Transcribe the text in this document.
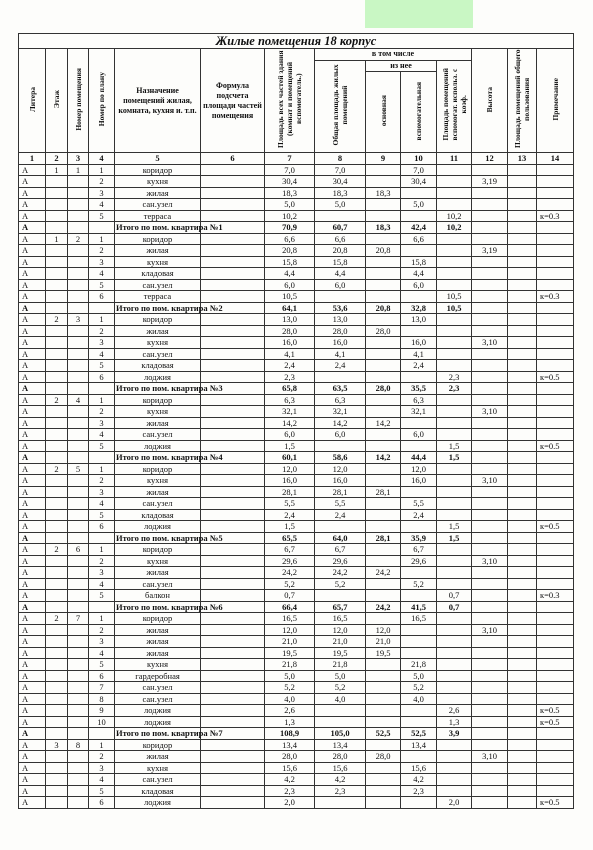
Жилые помещения 18 корпус													
Литера	Этаж	Номер помещения	Номер по плану	Назначение помещений жилая, комната, кухня и. т.п.	Формула подсчета площади частей помещения	Площадь всех частей здания (комнат и помещений вспомогатель.)	в том числе				Высота	Площадь помещений общего пользования	Примечание
							Общая площадь жилых помещений	из нее		Площадь помещений вспомогат. использ. с коэф.			
								основная	вспомогательная				
1	2	3	4	5	6	7	8	9	10	11	12	13	14
А	1	1	1	коридор		7,0	7,0		7,0				
А			2	кухня		30,4	30,4		30,4		3,19		
А			3	жилая		18,3	18,3	18,3					
А			4	сан.узел		5,0	5,0		5,0				
А			5	терраса		10,2				10,2			к=0.3
А				Итого по пом. квартира №1		70,9	60,7	18,3	42,4	10,2			
А	1	2	1	коридор		6,6	6,6		6,6				
А			2	жилая		20,8	20,8	20,8			3,19		
А			3	кухня		15,8	15,8		15,8				
А			4	кладовая		4,4	4,4		4,4				
А			5	сан.узел		6,0	6,0		6,0				
А			6	терраса		10,5				10,5			к=0.3
А				Итого по пом. квартира №2		64,1	53,6	20,8	32,8	10,5			
А	2	3	1	коридор		13,0	13,0		13,0				
А			2	жилая		28,0	28,0	28,0					
А			3	кухня		16,0	16,0		16,0		3,10		
А			4	сан.узел		4,1	4,1		4,1				
А			5	кладовая		2,4	2,4		2,4				
А			6	лоджия		2,3				2,3			к=0.5
А				Итого по пом. квартира №3		65,8	63,5	28,0	35,5	2,3			
А	2	4	1	коридор		6,3	6,3		6,3				
А			2	кухня		32,1	32,1		32,1		3,10		
А			3	жилая		14,2	14,2	14,2					
А			4	сан.узел		6,0	6,0		6,0				
А			5	лоджия		1,5				1,5			к=0.5
А				Итого по пом. квартира №4		60,1	58,6	14,2	44,4	1,5			
А	2	5	1	коридор		12,0	12,0		12,0				
А			2	кухня		16,0	16,0		16,0		3,10		
А			3	жилая		28,1	28,1	28,1					
А			4	сан.узел		5,5	5,5		5,5				
А			5	кладовая		2,4	2,4		2,4				
А			6	лоджия		1,5				1,5			к=0.5
А				Итого по пом. квартира №5		65,5	64,0	28,1	35,9	1,5			
А	2	6	1	коридор		6,7	6,7		6,7				
А			2	кухня		29,6	29,6		29,6		3,10		
А			3	жилая		24,2	24,2	24,2					
А			4	сан.узел		5,2	5,2		5,2				
А			5	балкон		0,7				0,7			к=0.3
А				Итого по пом. квартира №6		66,4	65,7	24,2	41,5	0,7			
А	2	7	1	коридор		16,5	16,5		16,5				
А			2	жилая		12,0	12,0	12,0			3,10		
А			3	жилая		21,0	21,0	21,0					
А			4	жилая		19,5	19,5	19,5					
А			5	кухня		21,8	21,8		21,8				
А			6	гардеробная		5,0	5,0		5,0				
А			7	сан.узел		5,2	5,2		5,2				
А			8	сан.узел		4,0	4,0		4,0				
А			9	лоджия		2,6				2,6			к=0.5
А			10	лоджия		1,3				1,3			к=0.5
А				Итого по пом. квартира №7		108,9	105,0	52,5	52,5	3,9			
А	3	8	1	коридор		13,4	13,4		13,4				
А			2	жилая		28,0	28,0	28,0			3,10		
А			3	кухня		15,6	15,6		15,6				
А			4	сан.узел		4,2	4,2		4,2				
А			5	кладовая		2,3	2,3		2,3				
А			6	лоджия		2,0				2,0			к=0.5
